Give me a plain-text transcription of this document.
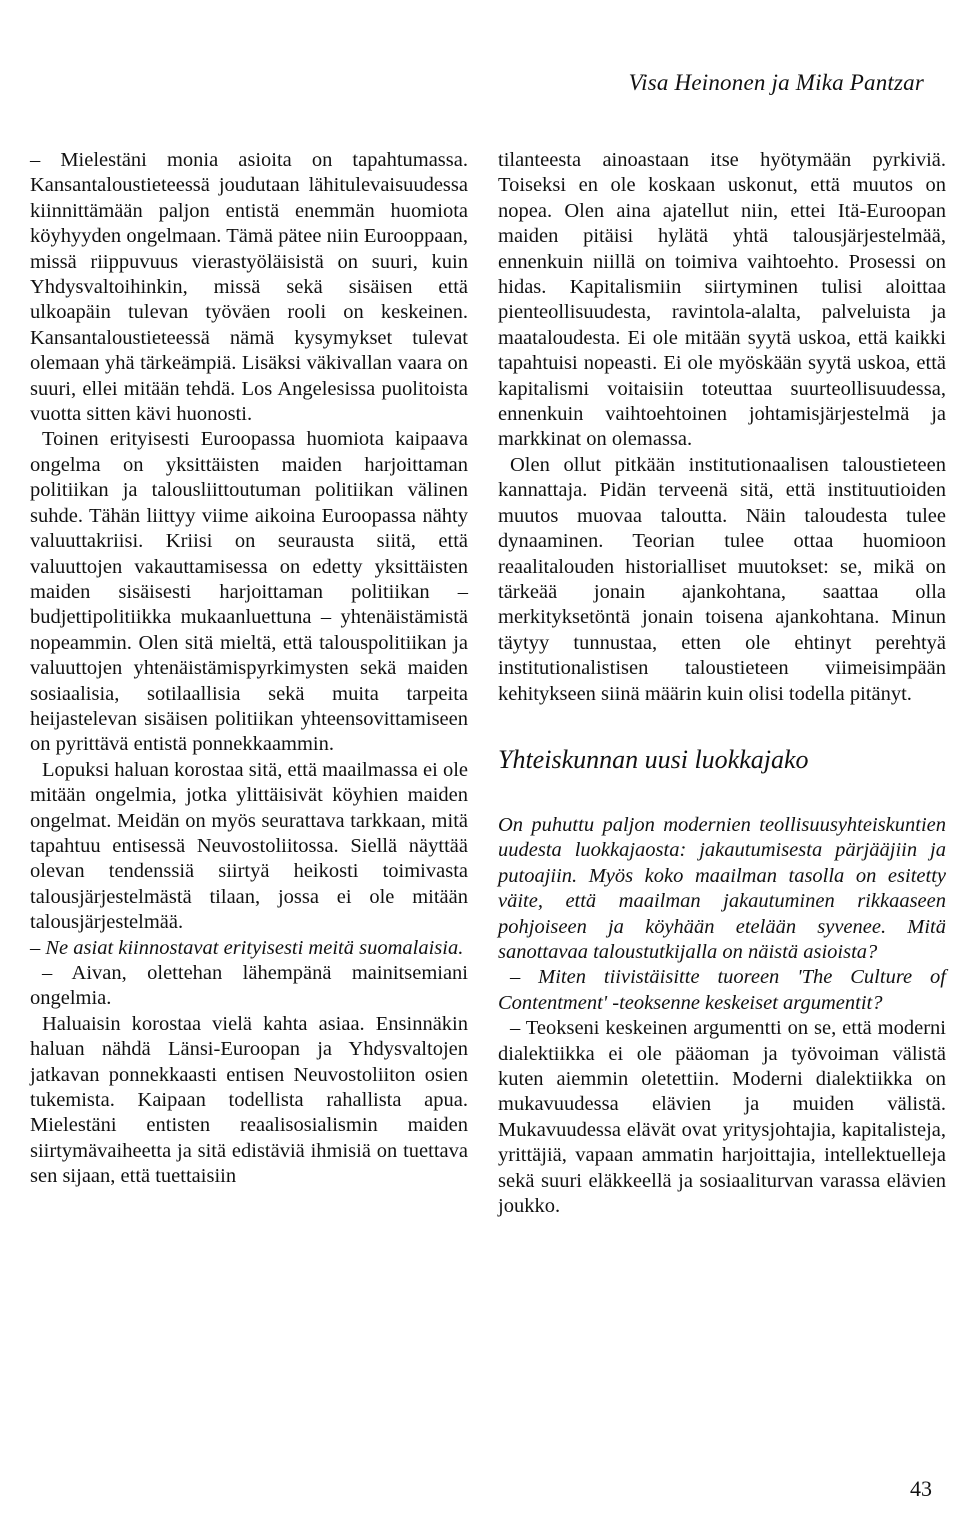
Visa Heinonen ja Mika Pantzar

– Mielestäni monia asioita on tapahtumassa. Kansantaloustieteessä joudutaan lähitulevaisuudessa kiinnittämään paljon entistä enemmän huomiota köyhyyden ongelmaan. Tämä pätee niin Eurooppaan, missä riippuvuus vierastyöläisistä on suuri, kuin Yhdysvaltoihinkin, missä sekä sisäisen että ulkoapäin tulevan työväen rooli on keskeinen. Kansantaloustieteessä nämä kysymykset tulevat olemaan yhä tärkeämpiä. Lisäksi väkivallan vaara on suuri, ellei mitään tehdä. Los Angelesissa puolitoista vuotta sitten kävi huonosti.

Toinen erityisesti Euroopassa huomiota kaipaava ongelma on yksittäisten maiden harjoittaman politiikan ja talousliittoutuman politiikan välinen suhde. Tähän liittyy viime aikoina Euroopassa nähty valuuttakriisi. Kriisi on seurausta siitä, että valuuttojen vakauttamisessa on edetty yksittäisten maiden sisäisesti harjoittaman politiikan – budjettipolitiikka mukaanluettuna – yhtenäistämistä nopeammin. Olen sitä mieltä, että talouspolitiikan ja valuuttojen yhtenäistämispyrkimysten sekä maiden sosiaalisia, sotilaallisia sekä muita tarpeita heijastelevan sisäisen politiikan yhteensovittamiseen on pyrittävä entistä ponnekkaammin.

Lopuksi haluan korostaa sitä, että maailmassa ei ole mitään ongelmia, jotka ylittäisivät köyhien maiden ongelmat. Meidän on myös seurattava tarkkaan, mitä tapahtuu entisessä Neuvostoliitossa. Siellä näyttää olevan tendenssiä siirtyä heikosti toimivasta talousjärjestelmästä tilaan, jossa ei ole mitään talousjärjestelmää.

– Ne asiat kiinnostavat erityisesti meitä suomalaisia.

– Aivan, olettehan lähempänä mainitsemiani ongelmia.

Haluaisin korostaa vielä kahta asiaa. Ensinnäkin haluan nähdä Länsi-Euroopan ja Yhdysvaltojen jatkavan ponnekkaasti entisen Neuvostoliiton osien tukemista. Kaipaan todellista rahallista apua. Mielestäni entisten reaalisosialismin maiden siirtymävaiheetta ja sitä edistäviä ihmisiä on tuettava sen sijaan, että tuettaisiin

tilanteesta ainoastaan itse hyötymään pyrkiviä. Toiseksi en ole koskaan uskonut, että muutos on nopea. Olen aina ajatellut niin, ettei Itä-Euroopan maiden pitäisi hylätä yhtä talousjärjestelmää, ennenkuin niillä on toimiva vaihtoehto. Prosessi on hidas. Kapitalismiin siirtyminen tulisi aloittaa pienteollisuudesta, ravintola-alalta, palveluista ja maataloudesta. Ei ole mitään syytä uskoa, että kaikki tapahtuisi nopeasti. Ei ole myöskään syytä uskoa, että kapitalismi voitaisiin toteuttaa suurteollisuudessa, ennenkuin vaihtoehtoinen johtamisjärjestelmä ja markkinat on olemassa.

Olen ollut pitkään institutionaalisen taloustieteen kannattaja. Pidän terveenä sitä, että instituutioiden muutos muovaa taloutta. Näin taloudesta tulee dynaaminen. Teorian tulee ottaa huomioon reaalitalouden historialliset muutokset: se, mikä on tärkeää jonain ajankohtana, saattaa olla merkityksetöntä jonain toisena ajankohtana. Minun täytyy tunnustaa, etten ole ehtinyt perehtyä institutionalistisen taloustieteen viimeisimpään kehitykseen siinä määrin kuin olisi todella pitänyt.

Yhteiskunnan uusi luokkajako

On puhuttu paljon modernien teollisuusyhteiskuntien uudesta luokkajaosta: jakautumisesta pärjääjiin ja putoajiin. Myös koko maailman tasolla on esitetty väite, että maailman jakautuminen rikkaaseen pohjoiseen ja köyhään etelään syvenee. Mitä sanottavaa taloustutkijalla on näistä asioista?

– Miten tiivistäisitte tuoreen 'The Culture of Contentment' -teoksenne keskeiset argumentit?

– Teokseni keskeinen argumentti on se, että moderni dialektiikka ei ole pääoman ja työvoiman välistä kuten aiemmin oletettiin. Moderni dialektiikka on mukavuudessa elävien ja muiden välistä. Mukavuudessa elävät ovat yritysjohtajia, kapitalisteja, yrittäjiä, vapaan ammatin harjoittajia, intellektuelleja sekä suuri eläkkeellä ja sosiaaliturvan varassa elävien joukko.

43
